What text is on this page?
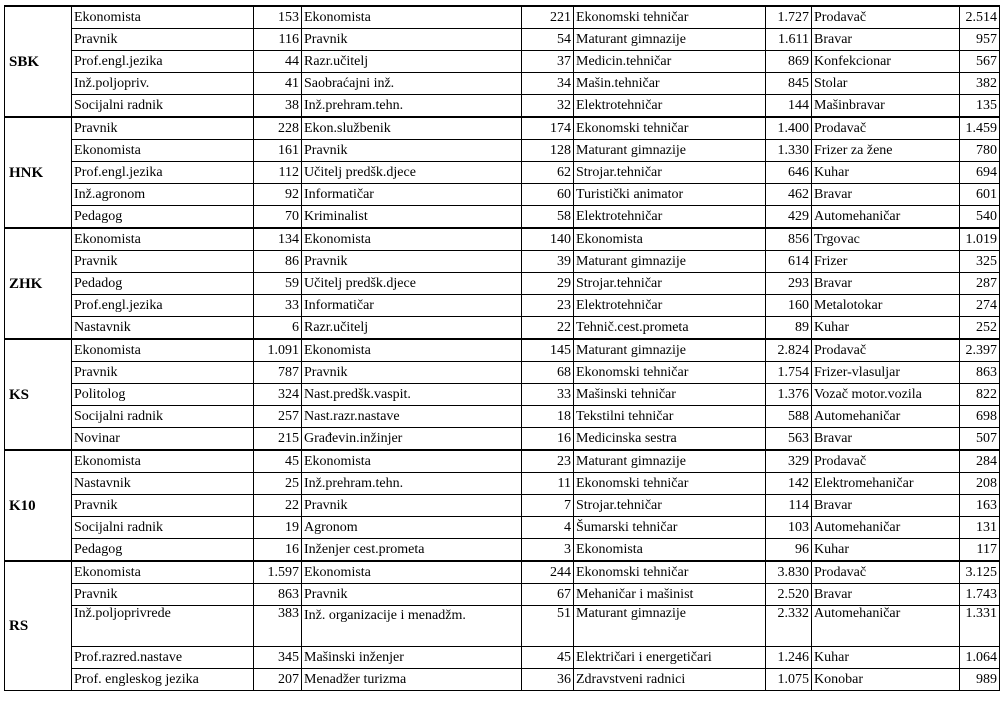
SBK	Ekonomista	153	Ekonomista	221	Ekonomski tehničar	1.727	Prodavač	2.514
	Pravnik	116	Pravnik	54	Maturant gimnazije	1.611	Bravar	957
	Prof.engl.jezika	44	Razr.učitelj	37	Medicin.tehničar	869	Konfekcionar	567
	Inž.poljopriv.	41	Saobraćajni inž.	34	Mašin.tehničar	845	Stolar	382
	Socijalni radnik	38	Inž.prehram.tehn.	32	Elektrotehničar	144	Mašinbravar	135
HNK	Pravnik	228	Ekon.službenik	174	Ekonomski tehničar	1.400	Prodavač	1.459
	Ekonomista	161	Pravnik	128	Maturant gimnazije	1.330	Frizer za žene	780
	Prof.engl.jezika	112	Učitelj predšk.djece	62	Strojar.tehničar	646	Kuhar	694
	Inž.agronom	92	Informatičar	60	Turistički animator	462	Bravar	601
	Pedagog	70	Kriminalist	58	Elektrotehničar	429	Automehaničar	540
ZHK	Ekonomista	134	Ekonomista	140	Ekonomista	856	Trgovac	1.019
	Pravnik	86	Pravnik	39	Maturant gimnazije	614	Frizer	325
	Pedadog	59	Učitelj predšk.djece	29	Strojar.tehničar	293	Bravar	287
	Prof.engl.jezika	33	Informatičar	23	Elektrotehničar	160	Metalotokar	274
	Nastavnik	6	Razr.učitelj	22	Tehnič.cest.prometa	89	Kuhar	252
KS	Ekonomista	1.091	Ekonomista	145	Maturant gimnazije	2.824	Prodavač	2.397
	Pravnik	787	Pravnik	68	Ekonomski tehničar	1.754	Frizer-vlasuljar	863
	Politolog	324	Nast.predšk.vaspit.	33	Mašinski tehničar	1.376	Vozač motor.vozila	822
	Socijalni radnik	257	Nast.razr.nastave	18	Tekstilni tehničar	588	Automehaničar	698
	Novinar	215	Građevin.inžinjer	16	Medicinska sestra	563	Bravar	507
K10	Ekonomista	45	Ekonomista	23	Maturant gimnazije	329	Prodavač	284
	Nastavnik	25	Inž.prehram.tehn.	11	Ekonomski tehničar	142	Elektromehaničar	208
	Pravnik	22	Pravnik	7	Strojar.tehničar	114	Bravar	163
	Socijalni radnik	19	Agronom	4	Šumarski tehničar	103	Automehaničar	131
	Pedagog	16	Inženjer cest.prometa	3	Ekonomista	96	Kuhar	117
RS	Ekonomista	1.597	Ekonomista	244	Ekonomski tehničar	3.830	Prodavač	3.125
	Pravnik	863	Pravnik	67	Mehaničar i mašinist	2.520	Bravar	1.743
	Inž.poljoprivrede	383	Inž. organizacije i menadžm.	51	Maturant gimnazije	2.332	Automehaničar	1.331
	Prof.razred.nastave	345	Mašinski inženjer	45	Električari i energetičari	1.246	Kuhar	1.064
	Prof. engleskog jezika	207	Menadžer turizma	36	Zdravstveni radnici	1.075	Konobar	989
